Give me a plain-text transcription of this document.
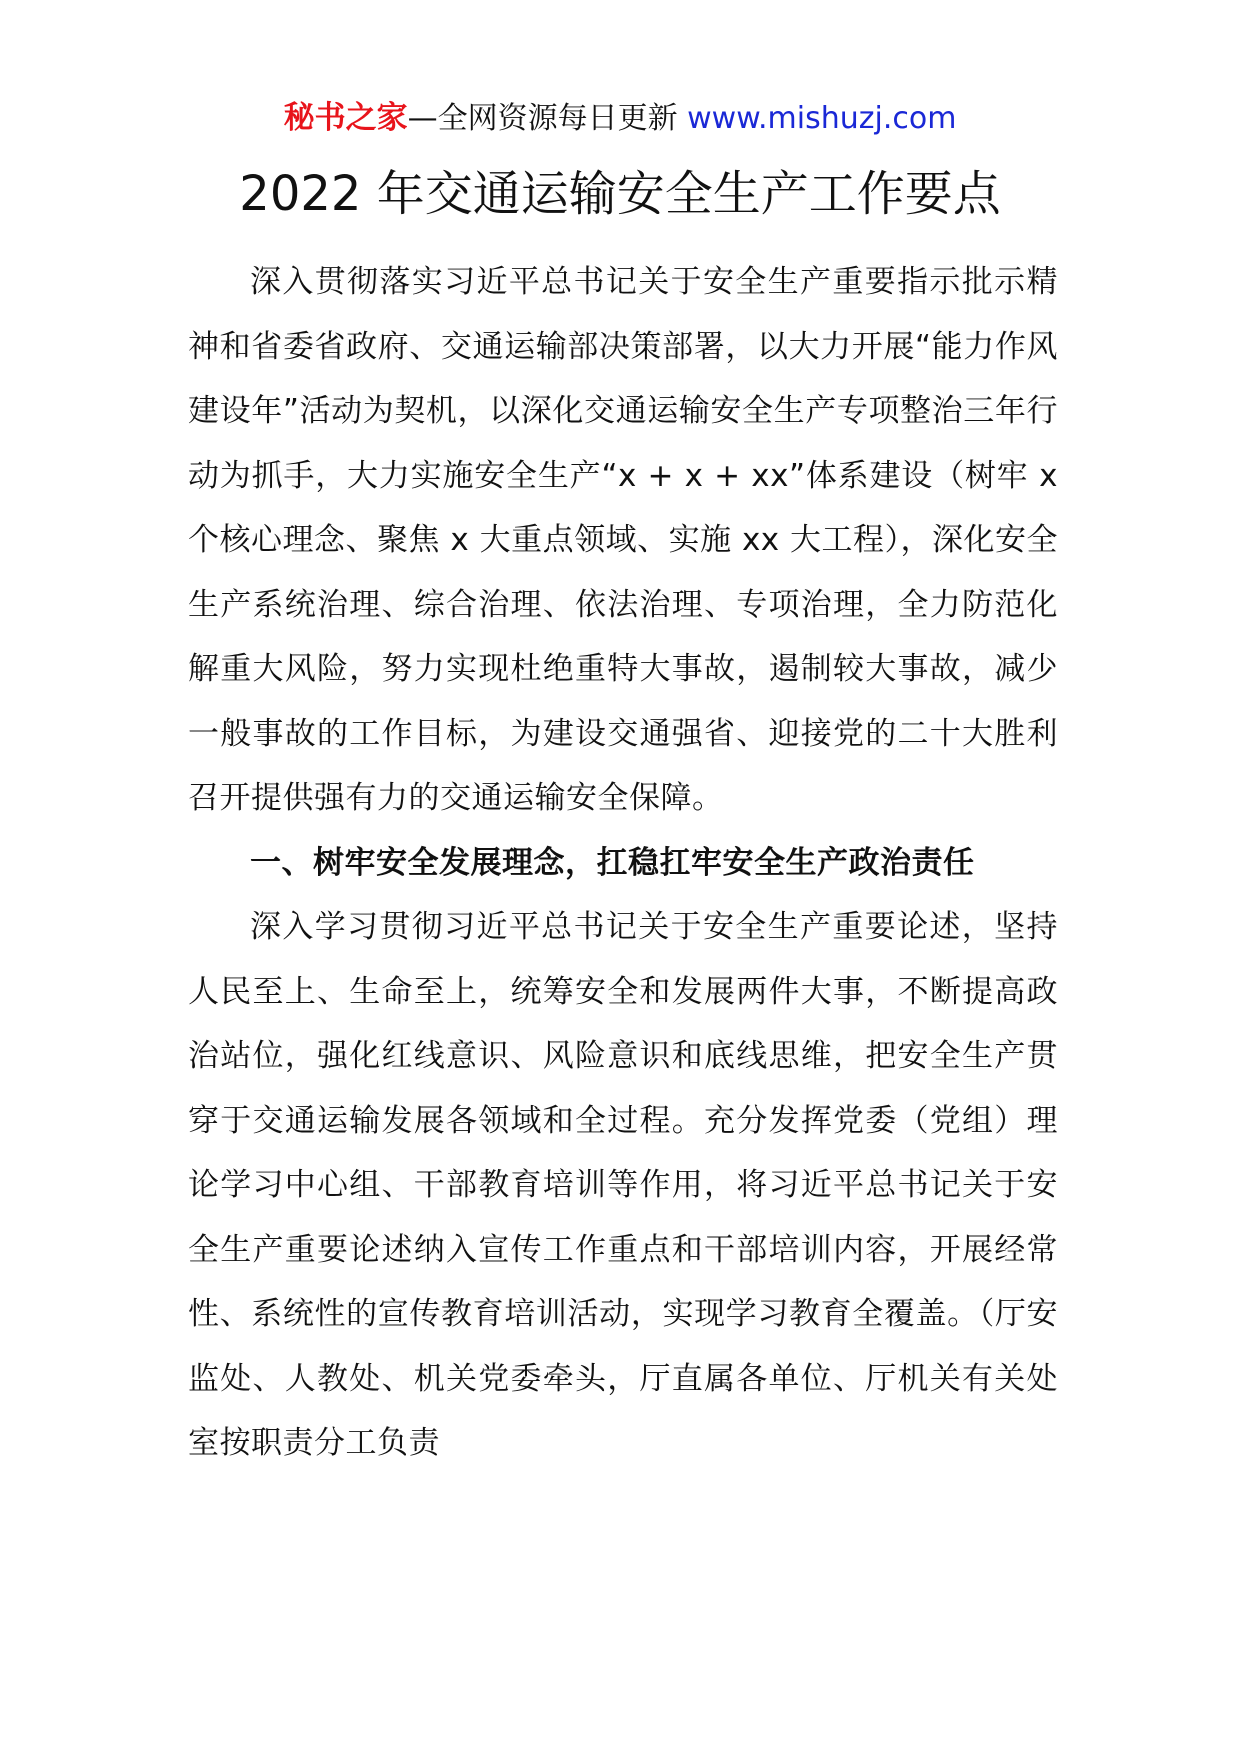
秘书之家—全网资源每日更新 www.mishuzj.com
2022 年交通运输安全生产工作要点

深入贯彻落实习近平总书记关于安全生产重要指示批示精神和省委省政府、交通运输部决策部署，以大力开展“能力作风建设年”活动为契机，以深化交通运输安全生产专项整治三年行动为抓手，大力实施安全生产“x + x + xx”体系建设（树牢 x 个核心理念、聚焦 x 大重点领域、实施 xx 大工程），深化安全生产系统治理、综合治理、依法治理、专项治理，全力防范化解重大风险，努力实现杜绝重特大事故，遏制较大事故，减少一般事故的工作目标，为建设交通强省、迎接党的二十大胜利召开提供强有力的交通运输安全保障。

一、树牢安全发展理念，扛稳扛牢安全生产政治责任

深入学习贯彻习近平总书记关于安全生产重要论述，坚持人民至上、生命至上，统筹安全和发展两件大事，不断提高政治站位，强化红线意识、风险意识和底线思维，把安全生产贯穿于交通运输发展各领域和全过程。充分发挥党委（党组）理论学习中心组、干部教育培训等作用，将习近平总书记关于安全生产重要论述纳入宣传工作重点和干部培训内容，开展经常性、系统性的宣传教育培训活动，实现学习教育全覆盖。（厅安监处、人教处、机关党委牵头，厅直属各单位、厅机关有关处室按职责分工负责
